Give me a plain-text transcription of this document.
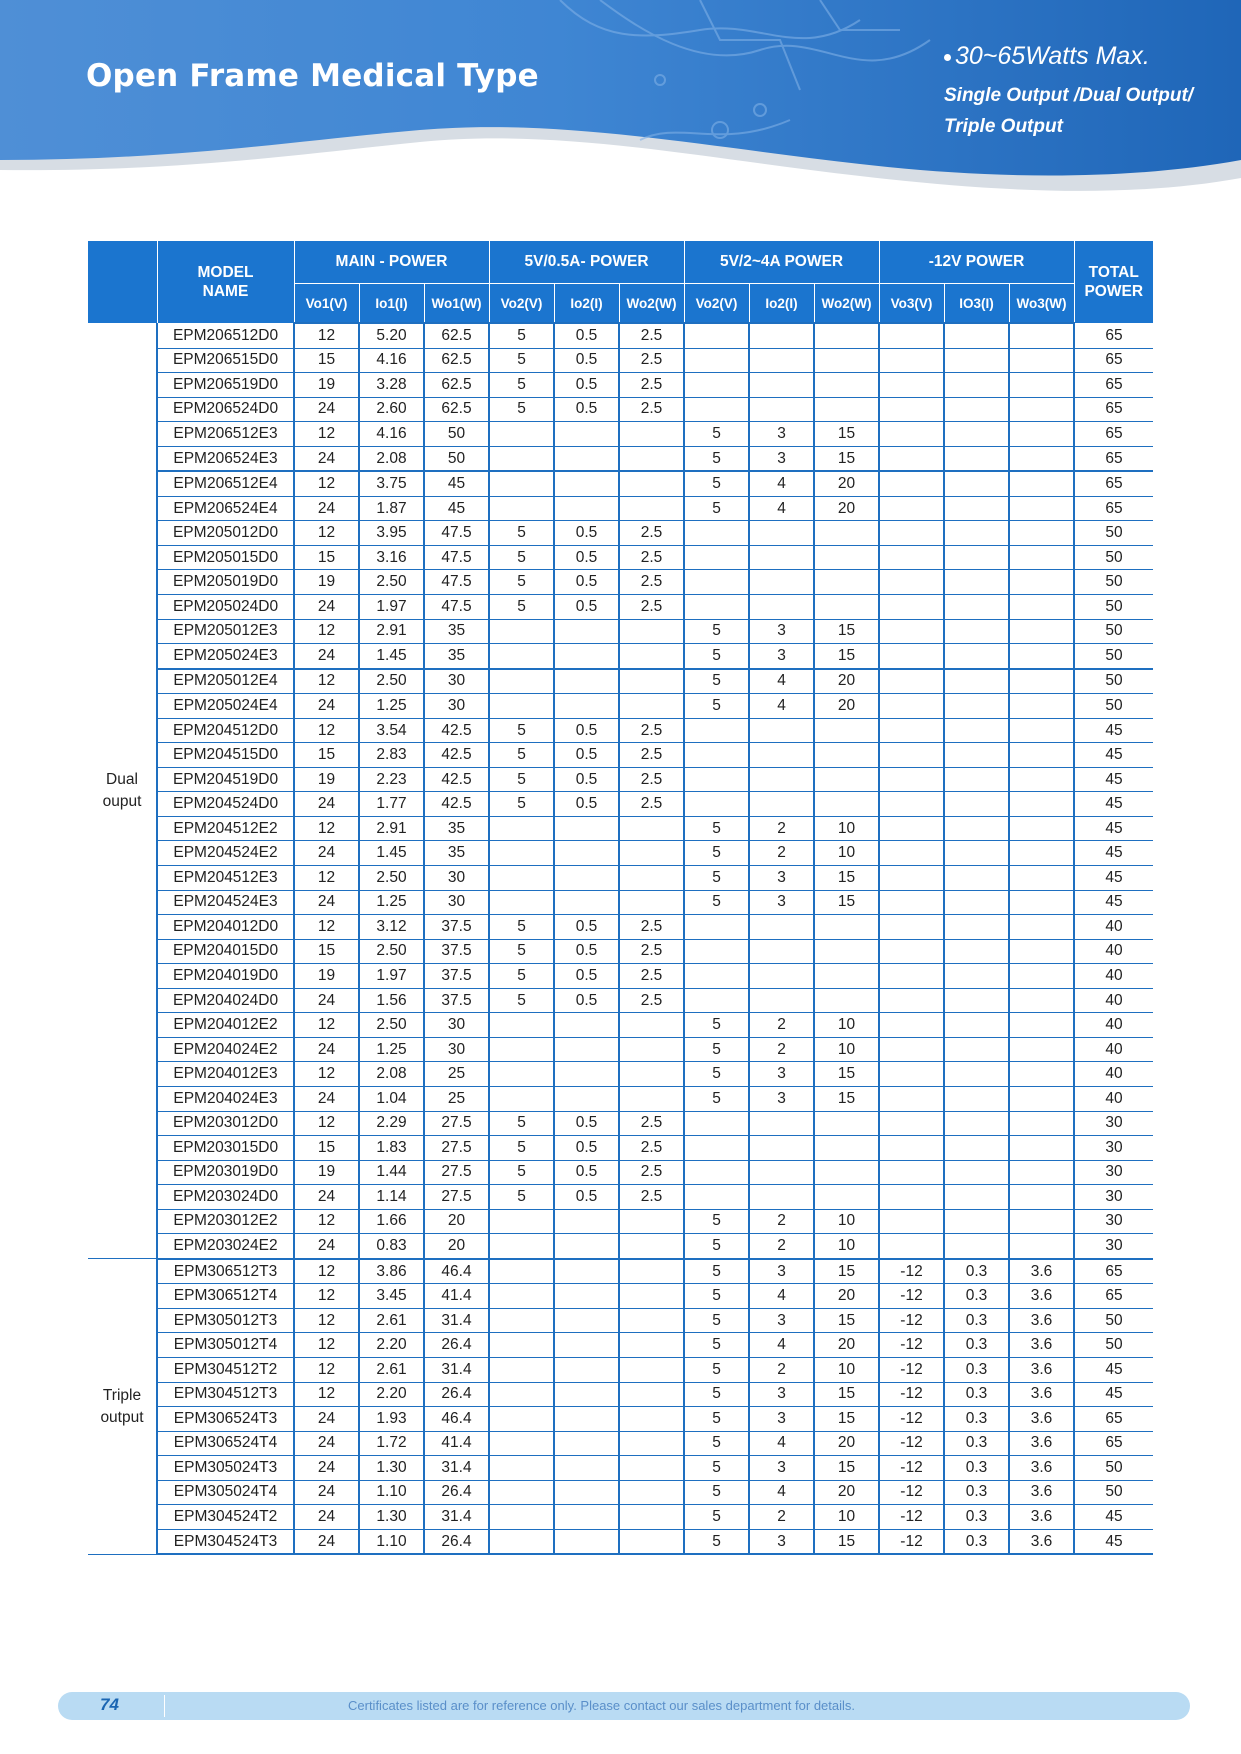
Open Frame Medical Type
30~65Watts Max.
Single Output /Dual Output/
Triple Output
	MODEL NAME	MAIN - POWER			5V/0.5A- POWER			5V/2~4A POWER			-12V POWER			TOTAL POWER
		Vo1(V)	Io1(I)	Wo1(W)	Vo2(V)	Io2(I)	Wo2(W)	Vo2(V)	Io2(I)	Wo2(W)	Vo3(V)	IO3(I)	Wo3(W)	
Dual ouput	EPM206512D0	12	5.20	62.5	5	0.5	2.5							65
	EPM206515D0	15	4.16	62.5	5	0.5	2.5							65
	EPM206519D0	19	3.28	62.5	5	0.5	2.5							65
	EPM206524D0	24	2.60	62.5	5	0.5	2.5							65
	EPM206512E3	12	4.16	50				5	3	15				65
	EPM206524E3	24	2.08	50				5	3	15				65
	EPM206512E4	12	3.75	45				5	4	20				65
	EPM206524E4	24	1.87	45				5	4	20				65
	EPM205012D0	12	3.95	47.5	5	0.5	2.5							50
	EPM205015D0	15	3.16	47.5	5	0.5	2.5							50
	EPM205019D0	19	2.50	47.5	5	0.5	2.5							50
	EPM205024D0	24	1.97	47.5	5	0.5	2.5							50
	EPM205012E3	12	2.91	35				5	3	15				50
	EPM205024E3	24	1.45	35				5	3	15				50
	EPM205012E4	12	2.50	30				5	4	20				50
	EPM205024E4	24	1.25	30				5	4	20				50
	EPM204512D0	12	3.54	42.5	5	0.5	2.5							45
	EPM204515D0	15	2.83	42.5	5	0.5	2.5							45
	EPM204519D0	19	2.23	42.5	5	0.5	2.5							45
	EPM204524D0	24	1.77	42.5	5	0.5	2.5							45
	EPM204512E2	12	2.91	35				5	2	10				45
	EPM204524E2	24	1.45	35				5	2	10				45
	EPM204512E3	12	2.50	30				5	3	15				45
	EPM204524E3	24	1.25	30				5	3	15				45
	EPM204012D0	12	3.12	37.5	5	0.5	2.5							40
	EPM204015D0	15	2.50	37.5	5	0.5	2.5							40
	EPM204019D0	19	1.97	37.5	5	0.5	2.5							40
	EPM204024D0	24	1.56	37.5	5	0.5	2.5							40
	EPM204012E2	12	2.50	30				5	2	10				40
	EPM204024E2	24	1.25	30				5	2	10				40
	EPM204012E3	12	2.08	25				5	3	15				40
	EPM204024E3	24	1.04	25				5	3	15				40
	EPM203012D0	12	2.29	27.5	5	0.5	2.5							30
	EPM203015D0	15	1.83	27.5	5	0.5	2.5							30
	EPM203019D0	19	1.44	27.5	5	0.5	2.5							30
	EPM203024D0	24	1.14	27.5	5	0.5	2.5							30
	EPM203012E2	12	1.66	20				5	2	10				30
	EPM203024E2	24	0.83	20				5	2	10				30
Triple output	EPM306512T3	12	3.86	46.4				5	3	15	-12	0.3	3.6	65
	EPM306512T4	12	3.45	41.4				5	4	20	-12	0.3	3.6	65
	EPM305012T3	12	2.61	31.4				5	3	15	-12	0.3	3.6	50
	EPM305012T4	12	2.20	26.4				5	4	20	-12	0.3	3.6	50
	EPM304512T2	12	2.61	31.4				5	2	10	-12	0.3	3.6	45
	EPM304512T3	12	2.20	26.4				5	3	15	-12	0.3	3.6	45
	EPM306524T3	24	1.93	46.4				5	3	15	-12	0.3	3.6	65
	EPM306524T4	24	1.72	41.4				5	4	20	-12	0.3	3.6	65
	EPM305024T3	24	1.30	31.4				5	3	15	-12	0.3	3.6	50
	EPM305024T4	24	1.10	26.4				5	4	20	-12	0.3	3.6	50
	EPM304524T2	24	1.30	31.4				5	2	10	-12	0.3	3.6	45
	EPM304524T3	24	1.10	26.4				5	3	15	-12	0.3	3.6	45
74	Certificates listed are for reference only. Please contact our sales department for details.
